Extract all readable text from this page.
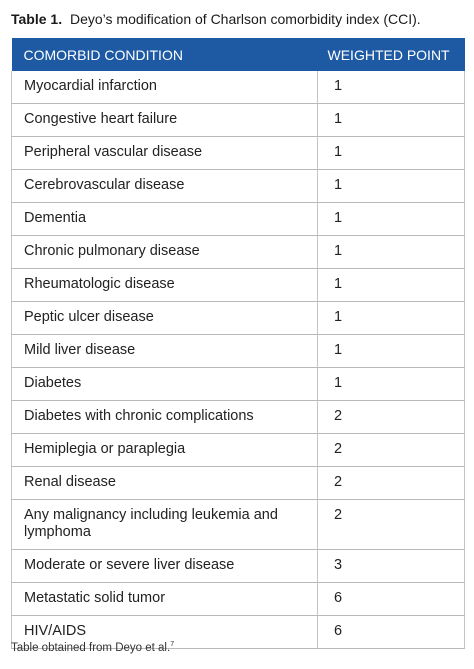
Table 1. Deyo’s modification of Charlson comorbidity index (CCI).
COMORBID CONDITION	WEIGHTED POINT
Myocardial infarction	1
Congestive heart failure	1
Peripheral vascular disease	1
Cerebrovascular disease	1
Dementia	1
Chronic pulmonary disease	1
Rheumatologic disease	1
Peptic ulcer disease	1
Mild liver disease	1
Diabetes	1
Diabetes with chronic complications	2
Hemiplegia or paraplegia	2
Renal disease	2
Any malignancy including leukemia and lymphoma	2
Moderate or severe liver disease	3
Metastatic solid tumor	6
HIV/AIDS	6
Table obtained from Deyo et al.$^7$
